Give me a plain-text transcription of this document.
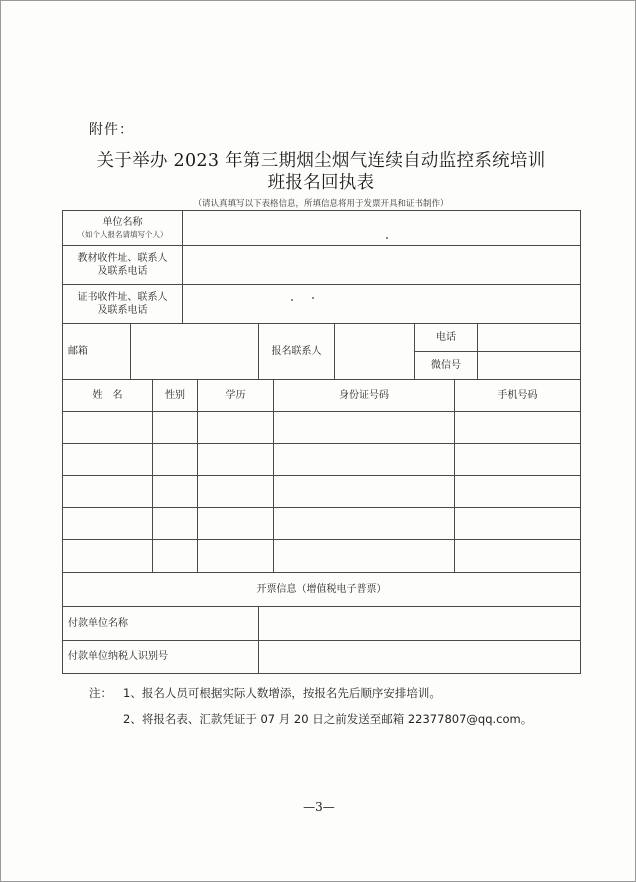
附件：
关于举办 2023 年第三期烟尘烟气连续自动监控系统培训
班报名回执表
（请认真填写以下表格信息，所填信息将用于发票开具和证书制作）
单位名称
（如个人报名请填写个人）
教材收件址、联系人
及联系电话
证书收件址、联系人
及联系电话
邮箱	报名联系人
电话
微信号
姓　名	性别	学历	身份证号码	手机号码
开票信息（增值税电子普票）
付款单位名称
付款单位纳税人识别号
注： 1、报名人员可根据实际人数增添，按报名先后顺序安排培训。
2、将报名表、汇款凭证于 07 月 20 日之前发送至邮箱 22377807@qq.com。
—3—
